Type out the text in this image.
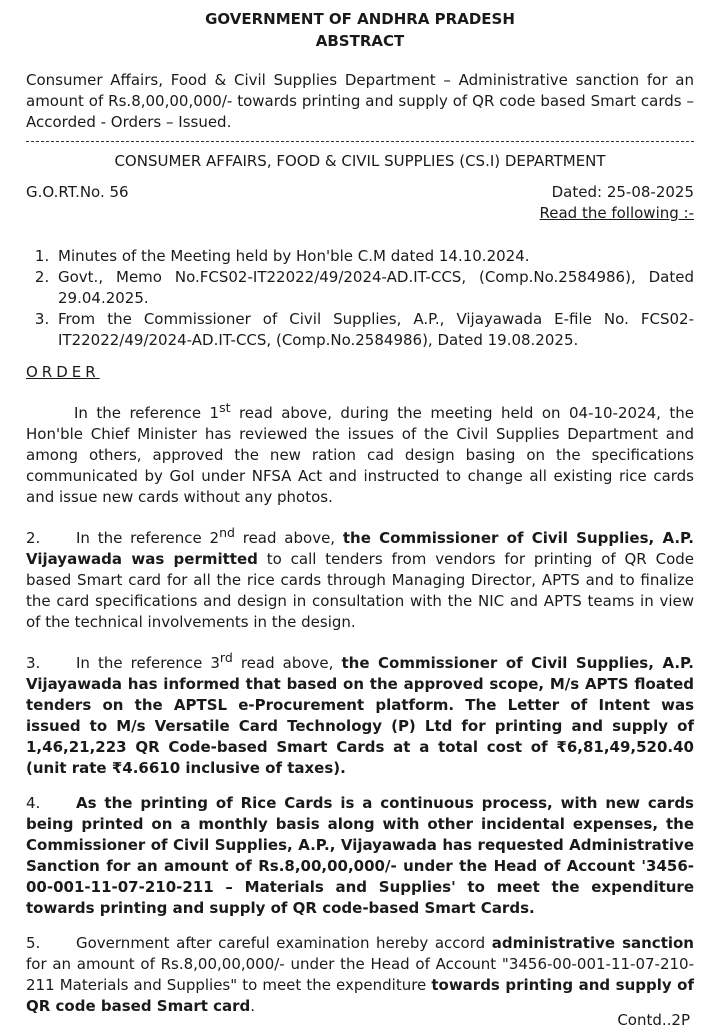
GOVERNMENT OF ANDHRA PRADESH
ABSTRACT
Consumer Affairs, Food & Civil Supplies Department – Administrative sanction for an amount of Rs.8,00,00,000/- towards printing and supply of QR code based Smart cards – Accorded - Orders – Issued.
CONSUMER AFFAIRS, FOOD & CIVIL SUPPLIES (CS.I) DEPARTMENT
G.O.RT.No. 56	Dated: 25-08-2025
Read the following :-
1. Minutes of the Meeting held by Hon'ble C.M dated 14.10.2024.
2. Govt., Memo No.FCS02-IT22022/49/2024-AD.IT-CCS, (Comp.No.2584986), Dated 29.04.2025.
3. From the Commissioner of Civil Supplies, A.P., Vijayawada E-file No. FCS02-IT22022/49/2024-AD.IT-CCS, (Comp.No.2584986), Dated 19.08.2025.
ORDER
In the reference 1st read above, during the meeting held on 04-10-2024, the Hon'ble Chief Minister has reviewed the issues of the Civil Supplies Department and among others, approved the new ration cad design basing on the specifications communicated by GoI under NFSA Act and instructed to change all existing rice cards and issue new cards without any photos.
2. In the reference 2nd read above, the Commissioner of Civil Supplies, A.P. Vijayawada was permitted to call tenders from vendors for printing of QR Code based Smart card for all the rice cards through Managing Director, APTS and to finalize the card specifications and design in consultation with the NIC and APTS teams in view of the technical involvements in the design.
3. In the reference 3rd read above, the Commissioner of Civil Supplies, A.P. Vijayawada has informed that based on the approved scope, M/s APTS floated tenders on the APTSL e-Procurement platform. The Letter of Intent was issued to M/s Versatile Card Technology (P) Ltd for printing and supply of 1,46,21,223 QR Code-based Smart Cards at a total cost of ₹6,81,49,520.40 (unit rate ₹4.6610 inclusive of taxes).
4. As the printing of Rice Cards is a continuous process, with new cards being printed on a monthly basis along with other incidental expenses, the Commissioner of Civil Supplies, A.P., Vijayawada has requested Administrative Sanction for an amount of Rs.8,00,00,000/- under the Head of Account '3456-00-001-11-07-210-211 – Materials and Supplies' to meet the expenditure towards printing and supply of QR code-based Smart Cards.
5. Government after careful examination hereby accord administrative sanction for an amount of Rs.8,00,00,000/- under the Head of Account "3456-00-001-11-07-210-211 Materials and Supplies" to meet the expenditure towards printing and supply of QR code based Smart card.
Contd..2P
